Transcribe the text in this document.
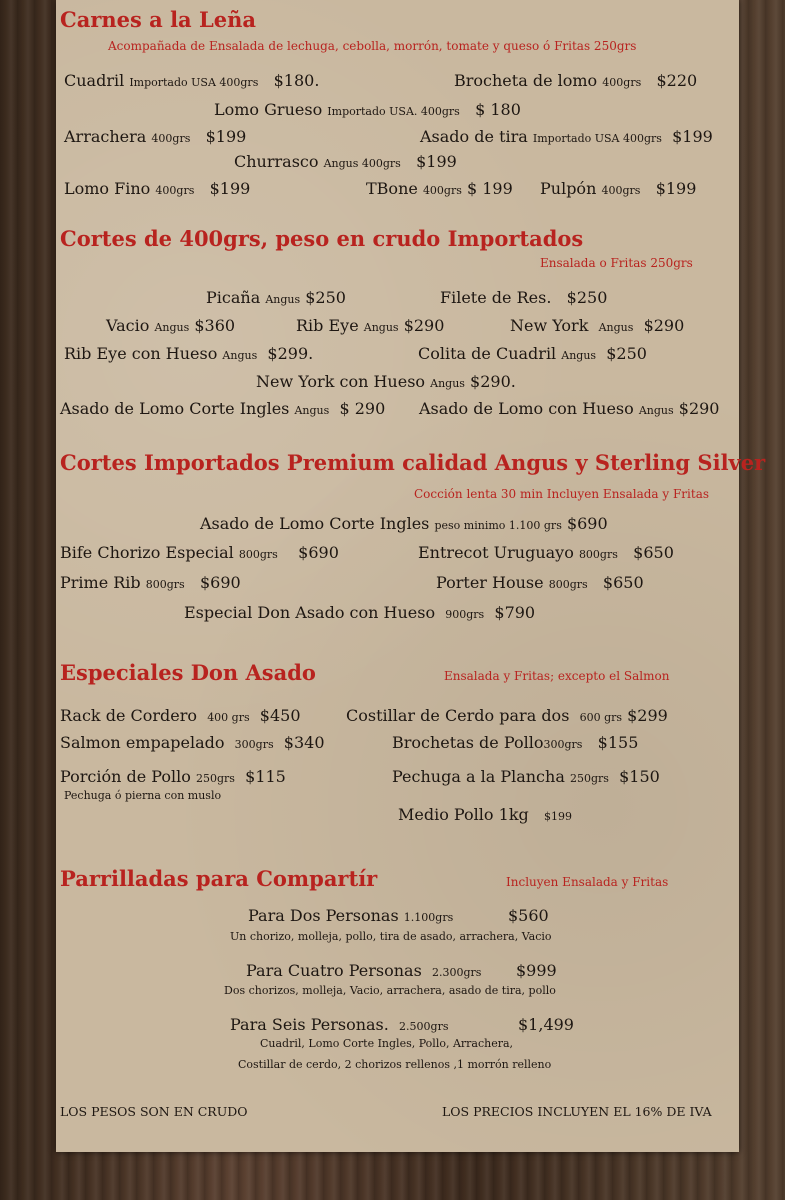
Carnes a la Leña
Acompañada de Ensalada de lechuga, cebolla, morrón, tomate y queso ó Fritas 250grs
Cuadril Importado USA 400grs $180.	Brocheta de lomo 400grs $220
Lomo Grueso Importado USA. 400grs $ 180
Arrachera 400grs $199	Asado de tira Importado USA 400grs $199
Churrasco Angus 400grs $199
Lomo Fino 400grs $199	TBone 400grs $ 199 Pulpón 400grs $199
Cortes de 400grs, peso en crudo Importados
Ensalada o Fritas 250grs
Picaña Angus $250	Filete de Res. $250
Vacio Angus $360	Rib Eye Angus $290	New York Angus $290
Rib Eye con Hueso Angus $299.	Colita de Cuadril Angus $250
New York con Hueso Angus $290.
Asado de Lomo Corte Ingles Angus $ 290 Asado de Lomo con Hueso Angus $290
Cortes Importados Premium calidad Angus y Sterling Silver
Cocción lenta 30 min Incluyen Ensalada y Fritas
Asado de Lomo Corte Ingles peso minimo 1.100 grs $690
Bife Chorizo Especial 800grs $690	Entrecot Uruguayo 800grs $650
Prime Rib 800grs $690	Porter House 800grs $650
Especial Don Asado con Hueso 900grs $790
Especiales Don Asado	Ensalada y Fritas; excepto el Salmon
Rack de Cordero 400 grs $450	Costillar de Cerdo para dos 600 grs $299
Salmon empapelado 300grs $340	Brochetas de Pollo300grs $155
Porción de Pollo 250grs $115
Pechuga ó pierna con muslo
Pechuga a la Plancha 250grs $150
Medio Pollo 1kg $199
Parrilladas para Compartír	Incluyen Ensalada y Fritas
Para Dos Personas 1.100grs	$560
Un chorizo, molleja, pollo, tira de asado, arrachera, Vacio
Para Cuatro Personas 2.300grs $999
Dos chorizos, molleja, Vacio, arrachera, asado de tira, pollo
Para Seis Personas. 2.500grs	$1,499
Cuadril, Lomo Corte Ingles, Pollo, Arrachera,
Costillar de cerdo, 2 chorizos rellenos ,1 morrón relleno
LOS PESOS SON EN CRUDO	LOS PRECIOS INCLUYEN EL 16% DE IVA
